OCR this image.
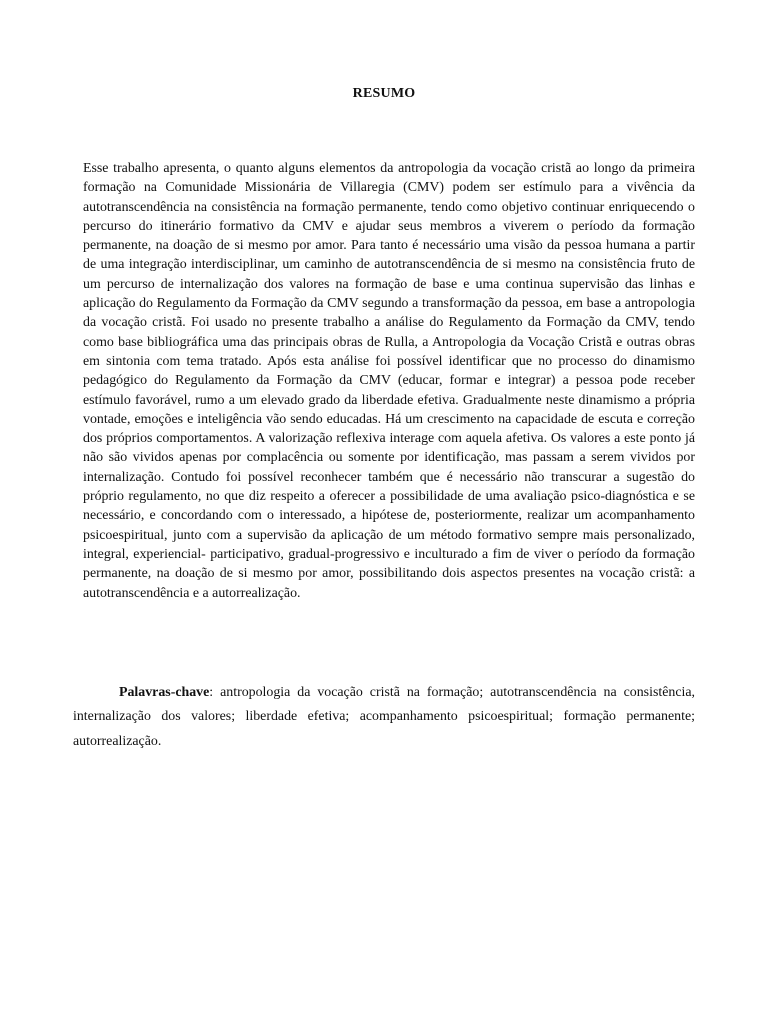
RESUMO

Esse trabalho apresenta, o quanto alguns elementos da antropologia da vocação cristã ao longo da primeira formação na Comunidade Missionária de Villaregia (CMV) podem ser estímulo para a vivência da autotranscendência na consistência na formação permanente, tendo como objetivo continuar enriquecendo o percurso do itinerário formativo da CMV e ajudar seus membros a viverem o período da formação permanente, na doação de si mesmo por amor. Para tanto é necessário uma visão da pessoa humana a partir de uma integração interdisciplinar, um caminho de autotranscendência de si mesmo na consistência fruto de um percurso de internalização dos valores na formação de base e uma continua supervisão das linhas e aplicação do Regulamento da Formação da CMV segundo a transformação da pessoa, em base a antropologia da vocação cristã. Foi usado no presente trabalho a análise do Regulamento da Formação da CMV, tendo como base bibliográfica uma das principais obras de Rulla, a Antropologia da Vocação Cristã e outras obras em sintonia com tema tratado. Após esta análise foi possível identificar que no processo do dinamismo pedagógico do Regulamento da Formação da CMV (educar, formar e integrar) a pessoa pode receber estímulo favorável, rumo a um elevado grado da liberdade efetiva. Gradualmente neste dinamismo a própria vontade, emoções e inteligência vão sendo educadas. Há um crescimento na capacidade de escuta e correção dos próprios comportamentos. A valorização reflexiva interage com aquela afetiva. Os valores a este ponto já não são vividos apenas por complacência ou somente por identificação, mas passam a serem vividos por internalização. Contudo foi possível reconhecer também que é necessário não transcurar a sugestão do próprio regulamento, no que diz respeito a oferecer a possibilidade de uma avaliação psico-diagnóstica e se necessário, e concordando com o interessado, a hipótese de, posteriormente, realizar um acompanhamento psicoespiritual, junto com a supervisão da aplicação de um método formativo sempre mais personalizado, integral, experiencial- participativo, gradual-progressivo e inculturado a fim de viver o período da formação permanente, na doação de si mesmo por amor, possibilitando dois aspectos presentes na vocação cristã: a autotranscendência e a autorrealização.

Palavras-chave: antropologia da vocação cristã na formação; autotranscendência na consistência, internalização dos valores; liberdade efetiva; acompanhamento psicoespiritual; formação permanente; autorrealização.
